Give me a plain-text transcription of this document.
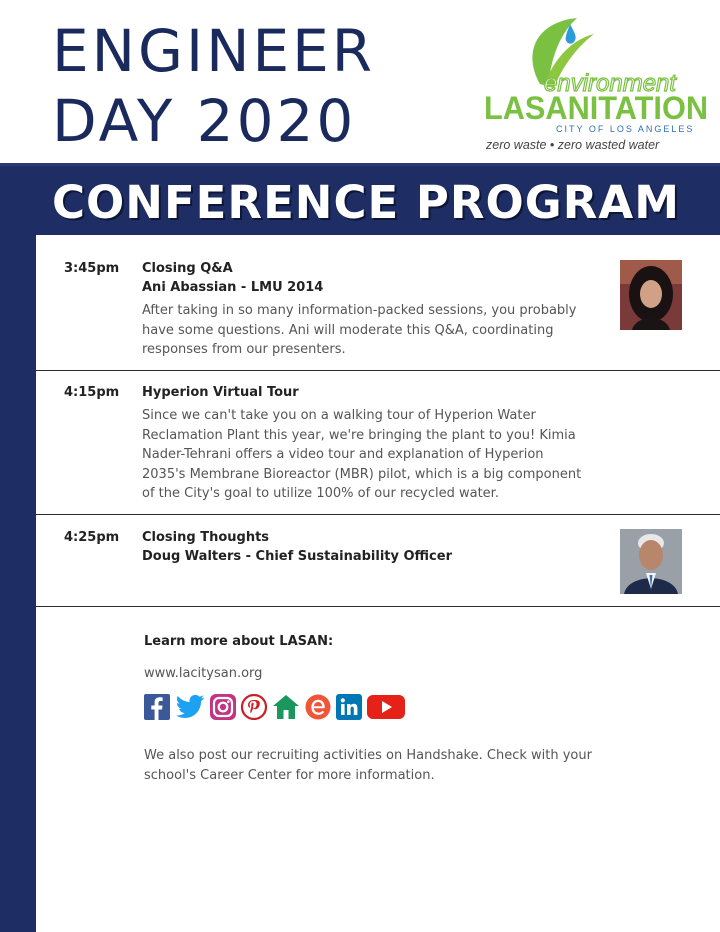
ENGINEER
DAY 2020
environment
LASANITATION
CITY OF LOS ANGELES
zero waste • zero wasted water
CONFERENCE PROGRAM
3:45pm Closing Q&A
Ani Abassian - LMU 2014
After taking in so many information-packed sessions, you probably have some questions. Ani will moderate this Q&A, coordinating responses from our presenters.
4:15pm Hyperion Virtual Tour
Since we can't take you on a walking tour of Hyperion Water Reclamation Plant this year, we're bringing the plant to you! Kimia Nader-Tehrani offers a video tour and explanation of Hyperion 2035's Membrane Bioreactor (MBR) pilot, which is a big component of the City's goal to utilize 100% of our recycled water.
4:25pm Closing Thoughts
Doug Walters - Chief Sustainability Officer
Learn more about LASAN:
www.lacitysan.org
We also post our recruiting activities on Handshake. Check with your school's Career Center for more information.
